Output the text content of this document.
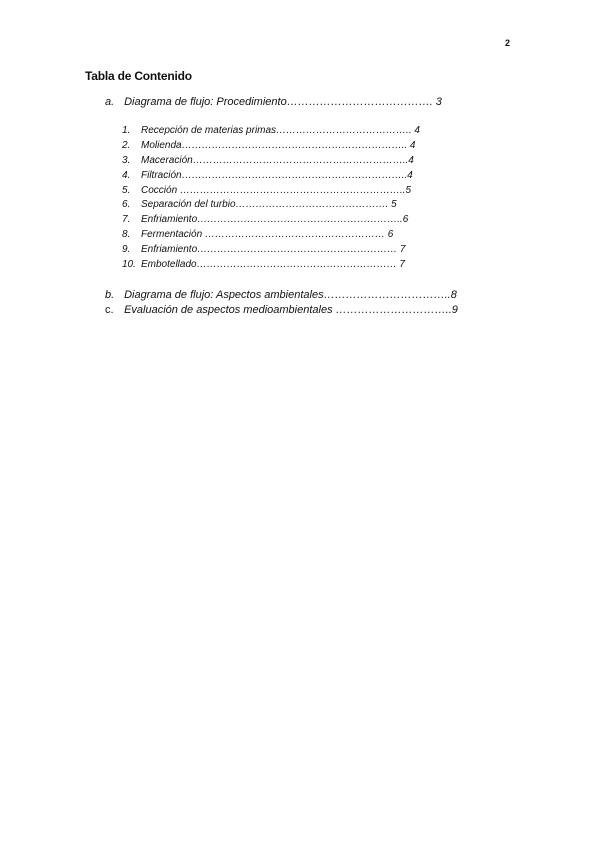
2
Tabla de Contenido
a. Diagrama de flujo: Procedimiento…………………………………. 3
1. Recepción de materias primas………………………………….. 4
2. Molienda………………………………………………………….. 4
3. Maceración………………………………………………………..4
4. Filtración…………………………………………………………..4
5. Cocción …………………………………………………………..5
6. Separación del turbio………………………………………. 5
7. Enfriamiento……………………………………………………..6
8. Fermentación ……………………………………………… 6
9. Enfriamiento…………………………………………………… 7
10. Embotellado…………………………………………………… 7
b. Diagrama de flujo: Aspectos ambientales……………………………..8
c. Evaluación de aspectos medioambientales …………………………..9
